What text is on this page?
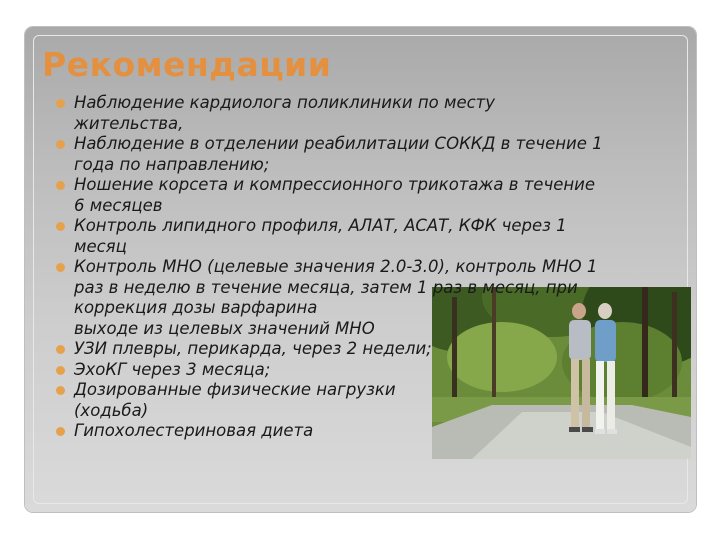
Рекомендации
Наблюдение кардиолога поликлиники по месту
жительства,
Наблюдение в отделении реабилитации СОККД в течение 1
года по направлению;
Ношение корсета и компрессионного трикотажа в течение
6 месяцев
Контроль липидного профиля, АЛАТ, АСАТ, КФК через 1
месяц
Контроль МНО (целевые значения 2.0-3.0), контроль МНО 1
раз в неделю в течение месяца, затем 1 раз в месяц, при
коррекция дозы варфарина
выходе из целевых значений МНО
УЗИ плевры, перикарда, через 2 недели;
ЭхоКГ через 3 месяца;
Дозированные физические нагрузки
(ходьба)
Гипохолестериновая диета
